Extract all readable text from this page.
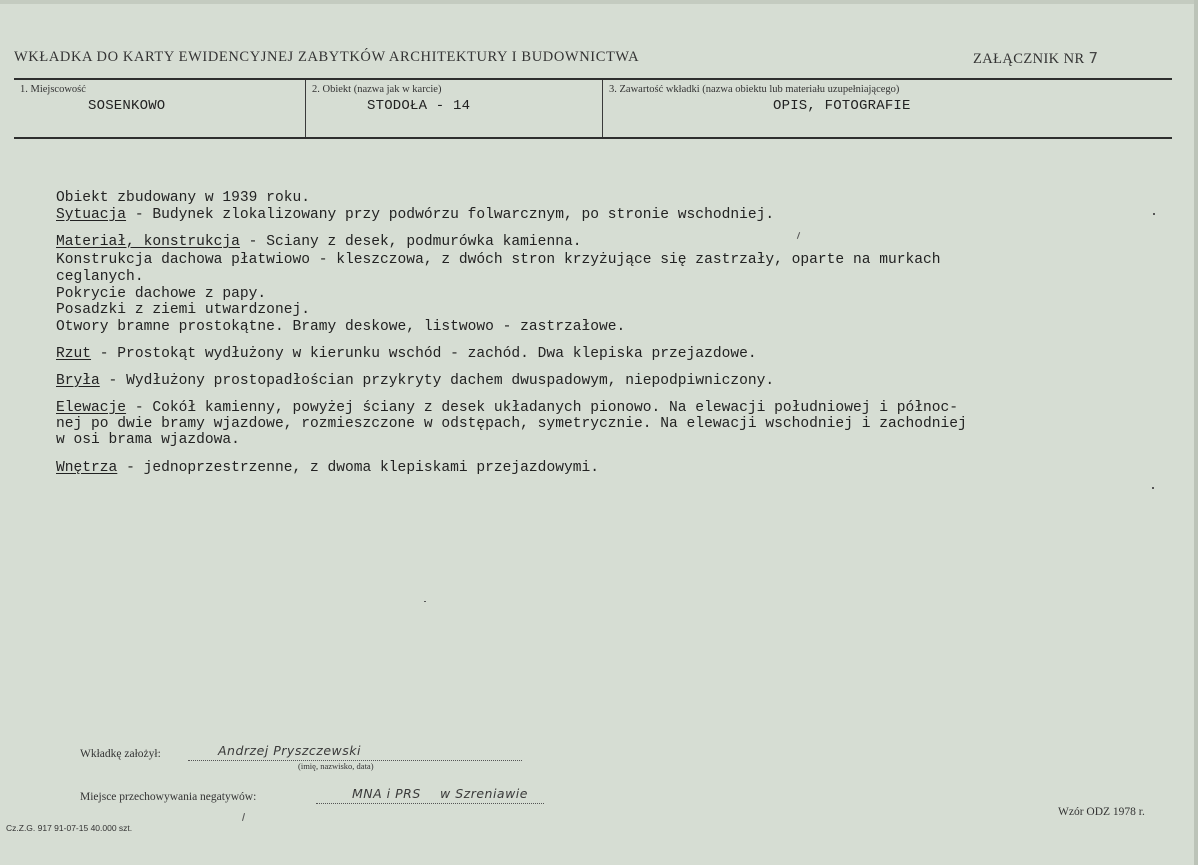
WKŁADKA DO KARTY EWIDENCYJNEJ ZABYTKÓW ARCHITEKTURY I BUDOWNICTWA	ZAŁĄCZNIK NR 7
1. Miejscowość
SOSENKOWO
2. Obiekt (nazwa jak w karcie)
STODOŁA - 14
3. Zawartość wkładki (nazwa obiektu lub materiału uzupełniającego)
OPIS, FOTOGRAFIE
Obiekt zbudowany w 1939 roku.
Sytuacja - Budynek zlokalizowany przy podwórzu folwarcznym, po stronie wschodniej.
Materiał, konstrukcja - Sciany z desek, podmurówka kamienna.
Konstrukcja dachowa płatwiowo - kleszczowa, z dwóch stron krzyżujące się zastrzały, oparte na murkach
ceglanych.
Pokrycie dachowe z papy.
Posadzki z ziemi utwardzonej.
Otwory bramne prostokątne. Bramy deskowe, listwowo - zastrzałowe.
Rzut - Prostokąt wydłużony w kierunku wschód - zachód. Dwa klepiska przejazdowe.
Bryła - Wydłużony prostopadłościan przykryty dachem dwuspadowym, niepodpiwniczony.
Elewacje - Cokół kamienny, powyżej ściany z desek układanych pionowo. Na elewacji południowej i północ-
nej po dwie bramy wjazdowe, rozmieszczone w odstępach, symetrycznie. Na elewacji wschodniej i zachodniej
w osi brama wjazdowa.
Wnętrza - jednoprzestrzenne, z dwoma klepiskami przejazdowymi.
Wkładkę założył:	Andrzej Pryszczewski
(imię, nazwisko, data)
Miejsce przechowywania negatywów:	MNA i PRS w Szreniawie
Wzór ODZ 1978 r.
Cz.Z.G. 917 91-07-15 40.000 szt.
